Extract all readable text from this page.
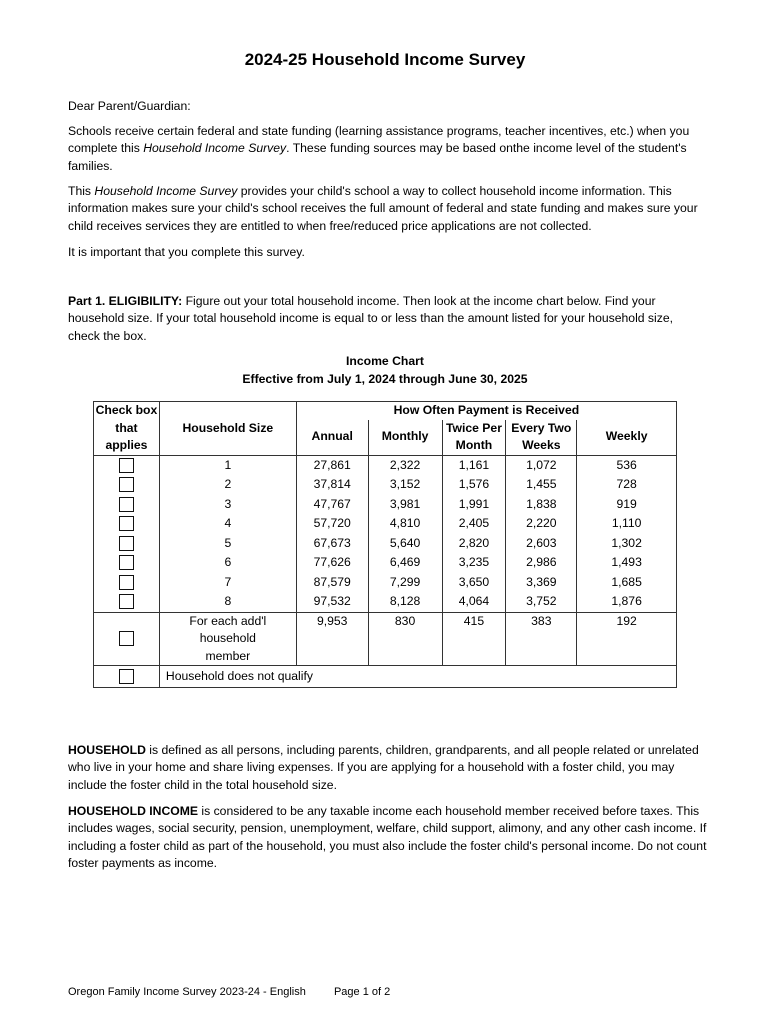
2024-25 Household Income Survey
Dear Parent/Guardian:
Schools receive certain federal and state funding (learning assistance programs, teacher incentives, etc.) when you complete this Household Income Survey. These funding sources may be based onthe income level of the student's families.
This Household Income Survey provides your child's school a way to collect household income information. This information makes sure your child's school receives the full amount of federal and state funding and makes sure your child receives services they are entitled to when free/reduced price applications are not collected.
It is important that you complete this survey.
Part 1. ELIGIBILITY: Figure out your total household income. Then look at the income chart below. Find your household size. If your total household income is equal to or less than the amount listed for your household size, check the box.
Income Chart
Effective from July 1, 2024 through June 30, 2025
Check box that applies	Household Size	How Often Payment is Received				
		Annual	Monthly	Twice Per Month	Every Two Weeks	Weekly
	1	27,861	2,322	1,161	1,072	536
	2	37,814	3,152	1,576	1,455	728
	3	47,767	3,981	1,991	1,838	919
	4	57,720	4,810	2,405	2,220	1,110
	5	67,673	5,640	2,820	2,603	1,302
	6	77,626	6,469	3,235	2,986	1,493
	7	87,579	7,299	3,650	3,369	1,685
	8	97,532	8,128	4,064	3,752	1,876
	For each add'l household member	9,953	830	415	383	192
	Household does not qualify					
HOUSEHOLD is defined as all persons, including parents, children, grandparents, and all people related or unrelated who live in your home and share living expenses. If you are applying for a household with a foster child, you may include the foster child in the total household size.
HOUSEHOLD INCOME is considered to be any taxable income each household member received before taxes. This includes wages, social security, pension, unemployment, welfare, child support, alimony, and any other cash income. If including a foster child as part of the household, you must also include the foster child's personal income. Do not count foster payments as income.
Oregon Family Income Survey 2023-24 - English	Page 1 of 2
